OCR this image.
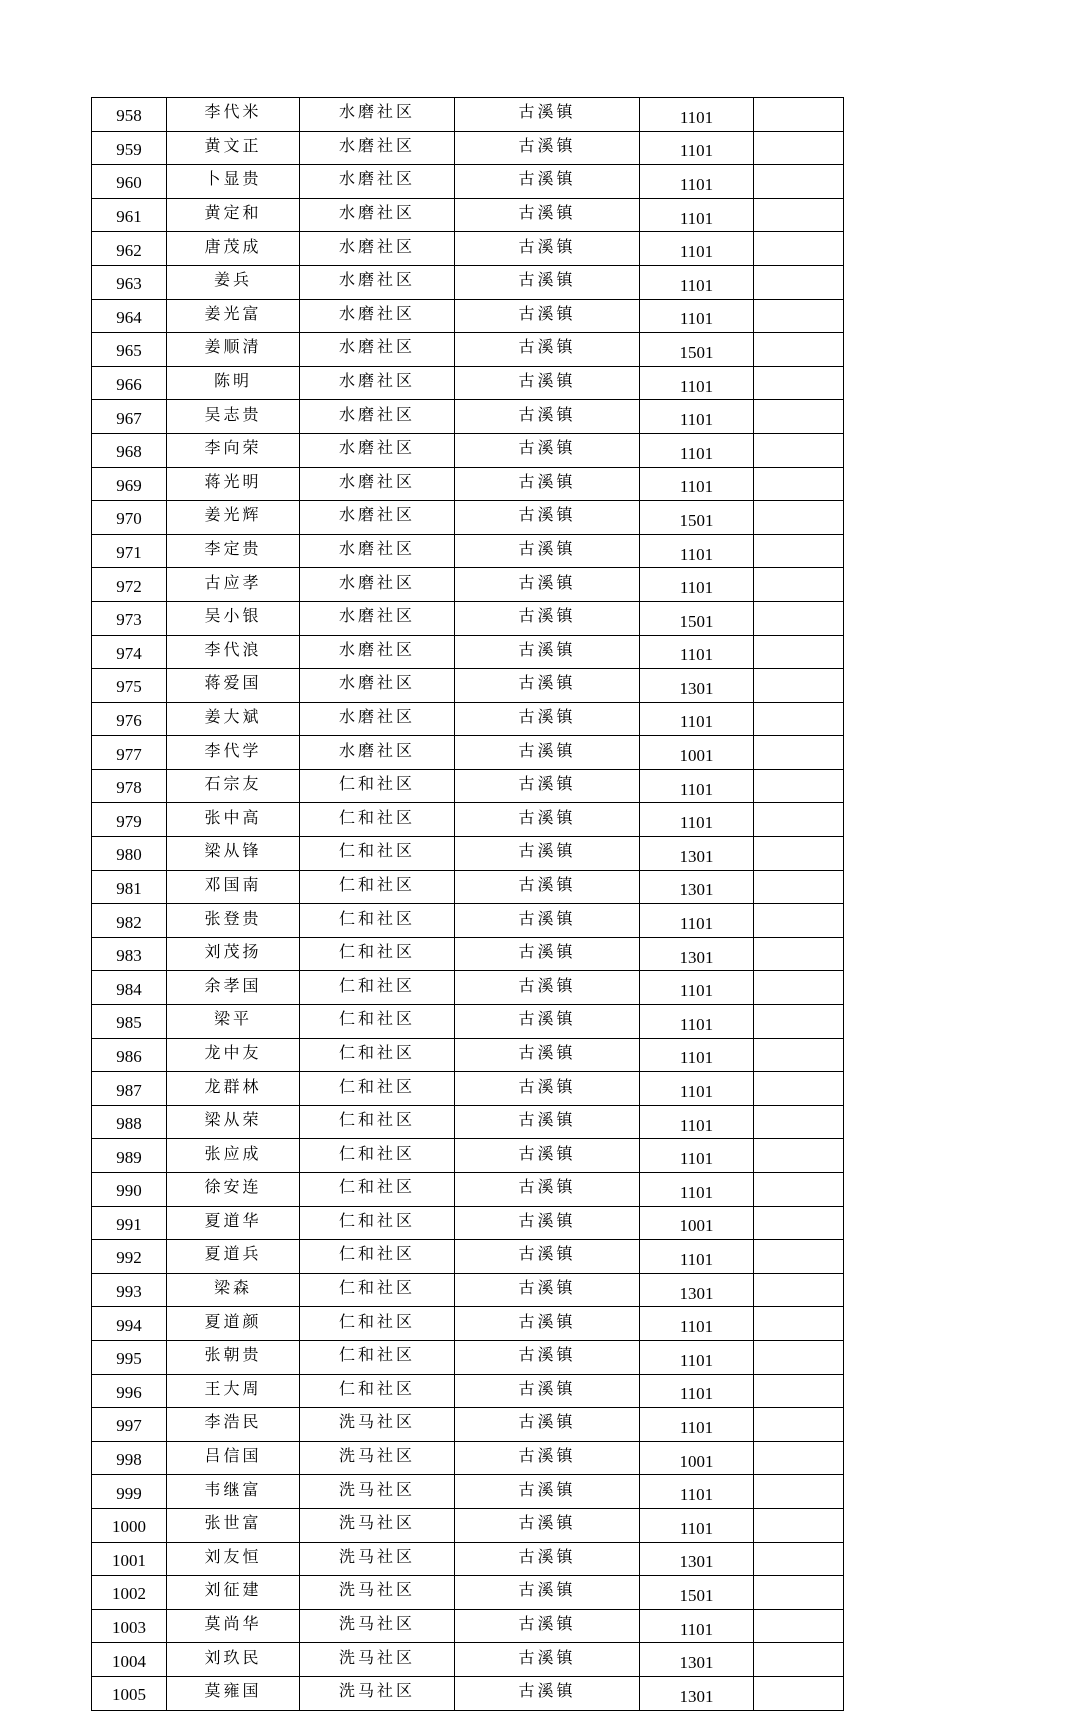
958	李代米	水磨社区	古溪镇	1101	
959	黄文正	水磨社区	古溪镇	1101	
960	卜显贵	水磨社区	古溪镇	1101	
961	黄定和	水磨社区	古溪镇	1101	
962	唐茂成	水磨社区	古溪镇	1101	
963	姜兵	水磨社区	古溪镇	1101	
964	姜光富	水磨社区	古溪镇	1101	
965	姜顺清	水磨社区	古溪镇	1501	
966	陈明	水磨社区	古溪镇	1101	
967	吴志贵	水磨社区	古溪镇	1101	
968	李向荣	水磨社区	古溪镇	1101	
969	蒋光明	水磨社区	古溪镇	1101	
970	姜光辉	水磨社区	古溪镇	1501	
971	李定贵	水磨社区	古溪镇	1101	
972	古应孝	水磨社区	古溪镇	1101	
973	吴小银	水磨社区	古溪镇	1501	
974	李代浪	水磨社区	古溪镇	1101	
975	蒋爱国	水磨社区	古溪镇	1301	
976	姜大斌	水磨社区	古溪镇	1101	
977	李代学	水磨社区	古溪镇	1001	
978	石宗友	仁和社区	古溪镇	1101	
979	张中高	仁和社区	古溪镇	1101	
980	梁从锋	仁和社区	古溪镇	1301	
981	邓国南	仁和社区	古溪镇	1301	
982	张登贵	仁和社区	古溪镇	1101	
983	刘茂扬	仁和社区	古溪镇	1301	
984	余孝国	仁和社区	古溪镇	1101	
985	梁平	仁和社区	古溪镇	1101	
986	龙中友	仁和社区	古溪镇	1101	
987	龙群林	仁和社区	古溪镇	1101	
988	梁从荣	仁和社区	古溪镇	1101	
989	张应成	仁和社区	古溪镇	1101	
990	徐安连	仁和社区	古溪镇	1101	
991	夏道华	仁和社区	古溪镇	1001	
992	夏道兵	仁和社区	古溪镇	1101	
993	梁森	仁和社区	古溪镇	1301	
994	夏道颜	仁和社区	古溪镇	1101	
995	张朝贵	仁和社区	古溪镇	1101	
996	王大周	仁和社区	古溪镇	1101	
997	李浩民	洗马社区	古溪镇	1101	
998	吕信国	洗马社区	古溪镇	1001	
999	韦继富	洗马社区	古溪镇	1101	
1000	张世富	洗马社区	古溪镇	1101	
1001	刘友恒	洗马社区	古溪镇	1301	
1002	刘征建	洗马社区	古溪镇	1501	
1003	莫尚华	洗马社区	古溪镇	1101	
1004	刘玖民	洗马社区	古溪镇	1301	
1005	莫雍国	洗马社区	古溪镇	1301	
